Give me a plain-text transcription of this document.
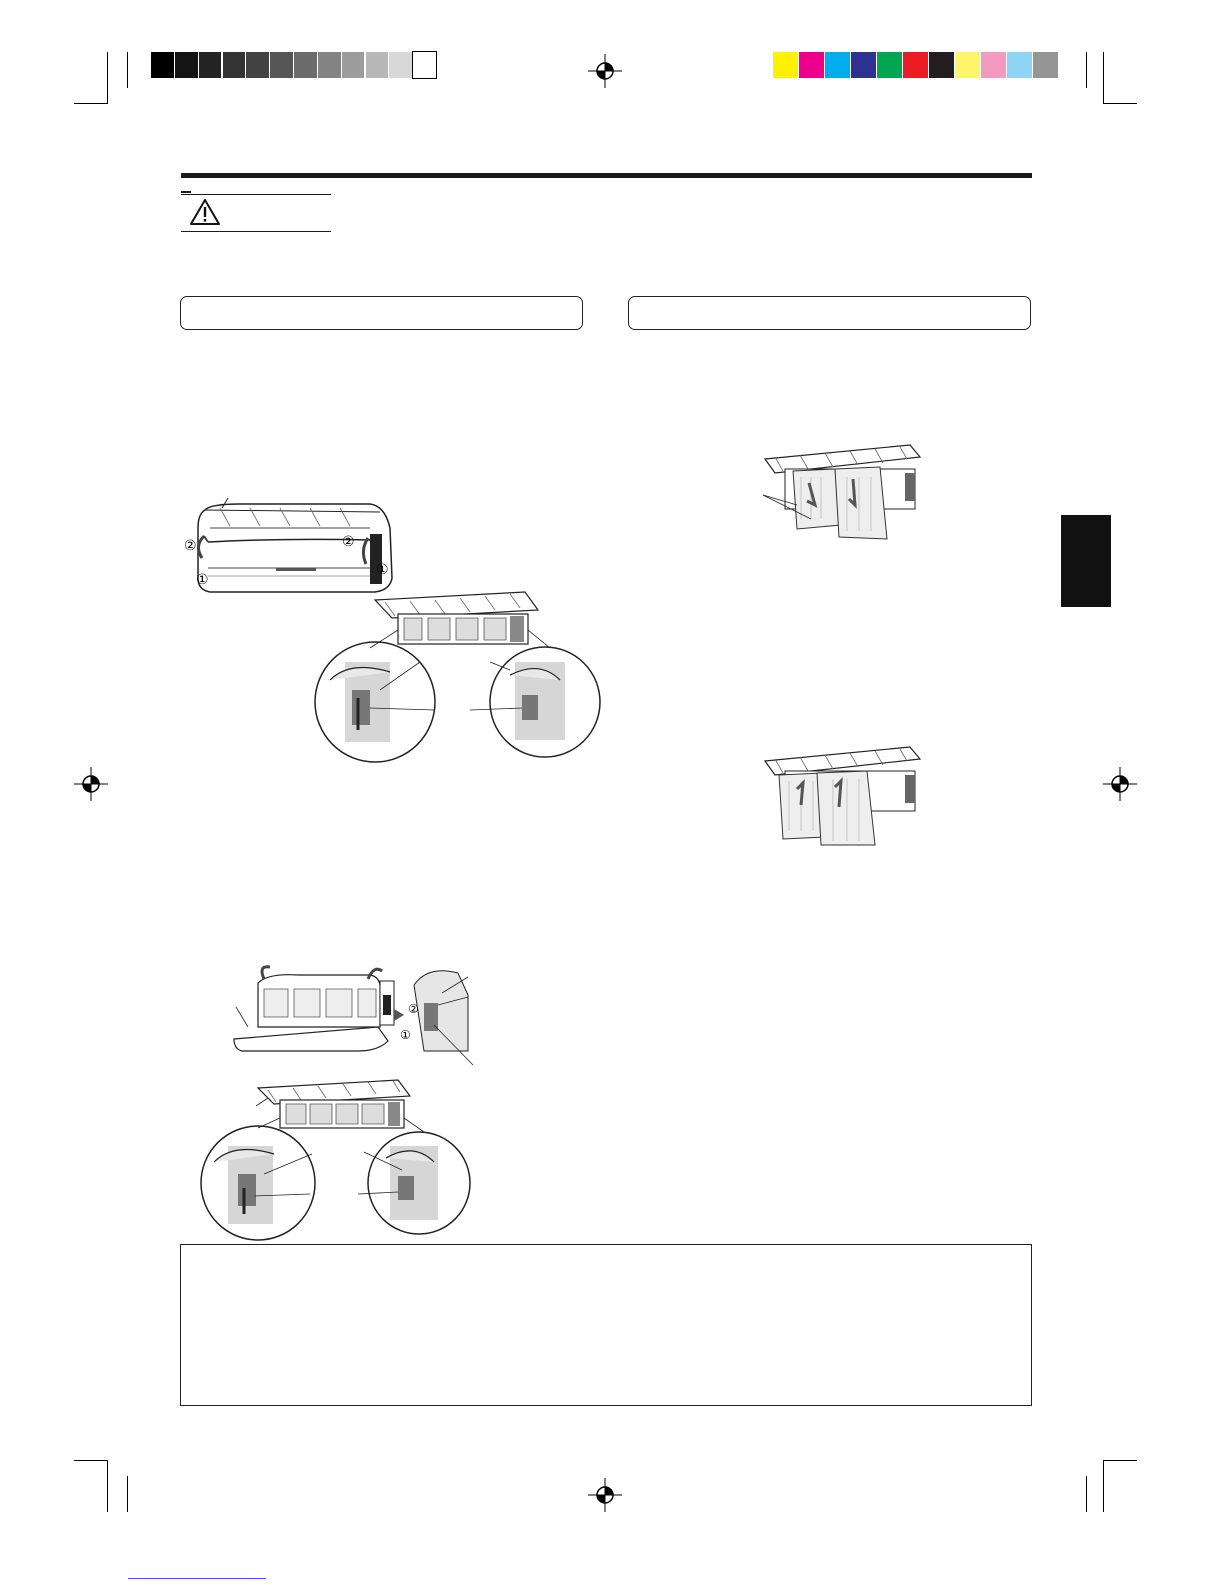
②	②
①
①
②
①
